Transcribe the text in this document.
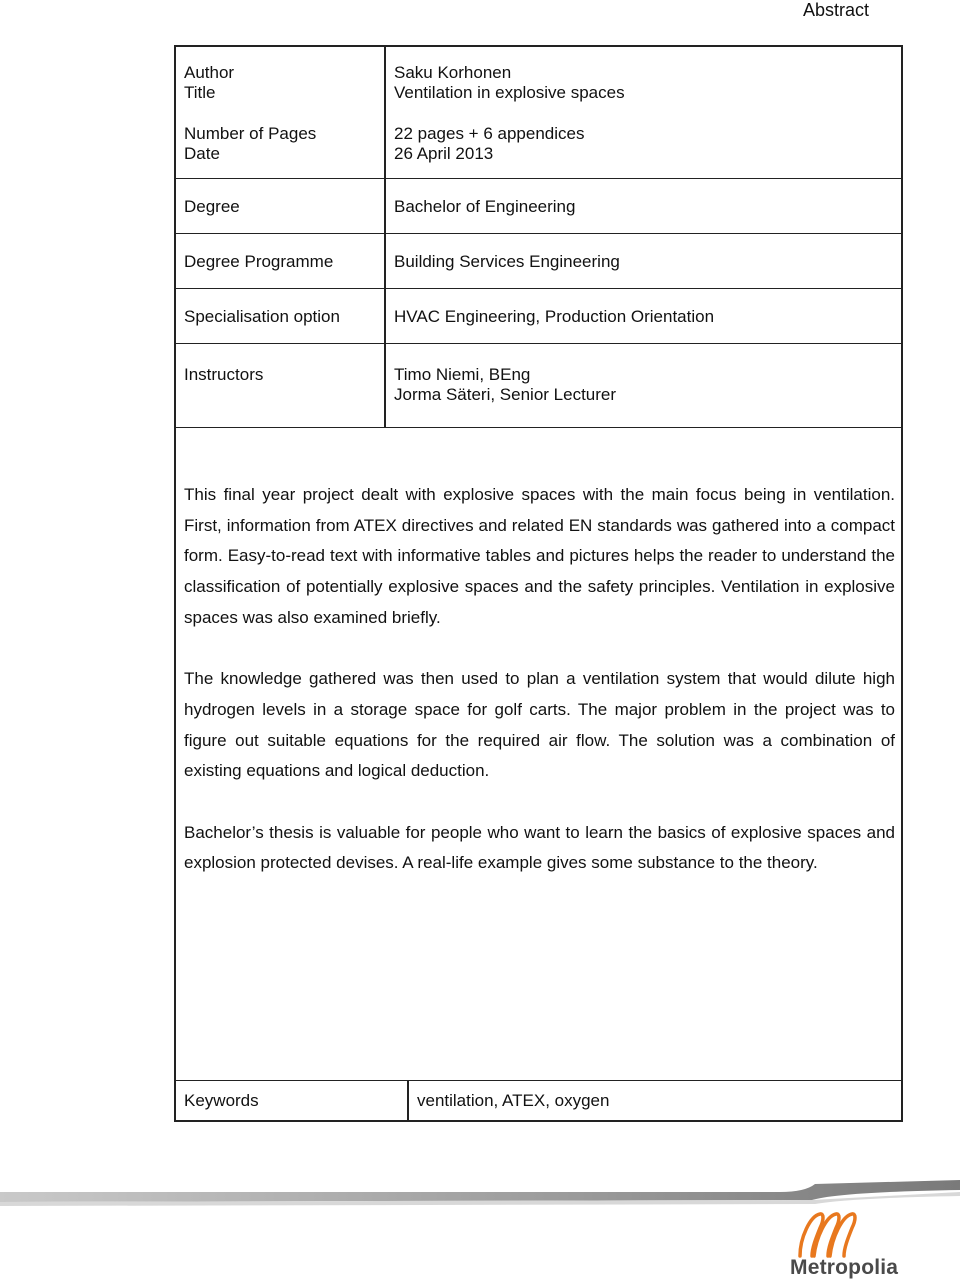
Abstract
Author	Saku Korhonen
Title	Ventilation in explosive spaces
Number of Pages	22 pages + 6 appendices
Date	26 April 2013
Degree	Bachelor of Engineering
Degree Programme	Building Services Engineering
Specialisation option	HVAC Engineering, Production Orientation
Instructors	Timo Niemi, BEng
Jorma Säteri, Senior Lecturer

This final year project dealt with explosive spaces with the main focus being in ventilation. First, information from ATEX directives and related EN standards was gathered into a compact form. Easy-to-read text with informative tables and pictures helps the reader to understand the classification of potentially explosive spaces and the safety principles. Ventilation in explosive spaces was also examined briefly.

The knowledge gathered was then used to plan a ventilation system that would dilute high hydrogen levels in a storage space for golf carts. The major problem in the project was to figure out suitable equations for the required air flow. The solution was a combination of existing equations and logical deduction.

Bachelor’s thesis is valuable for people who want to learn the basics of explosive spaces and explosion protected devises. A real-life example gives some substance to the theory.

Keywords	ventilation, ATEX, oxygen
Metropolia
